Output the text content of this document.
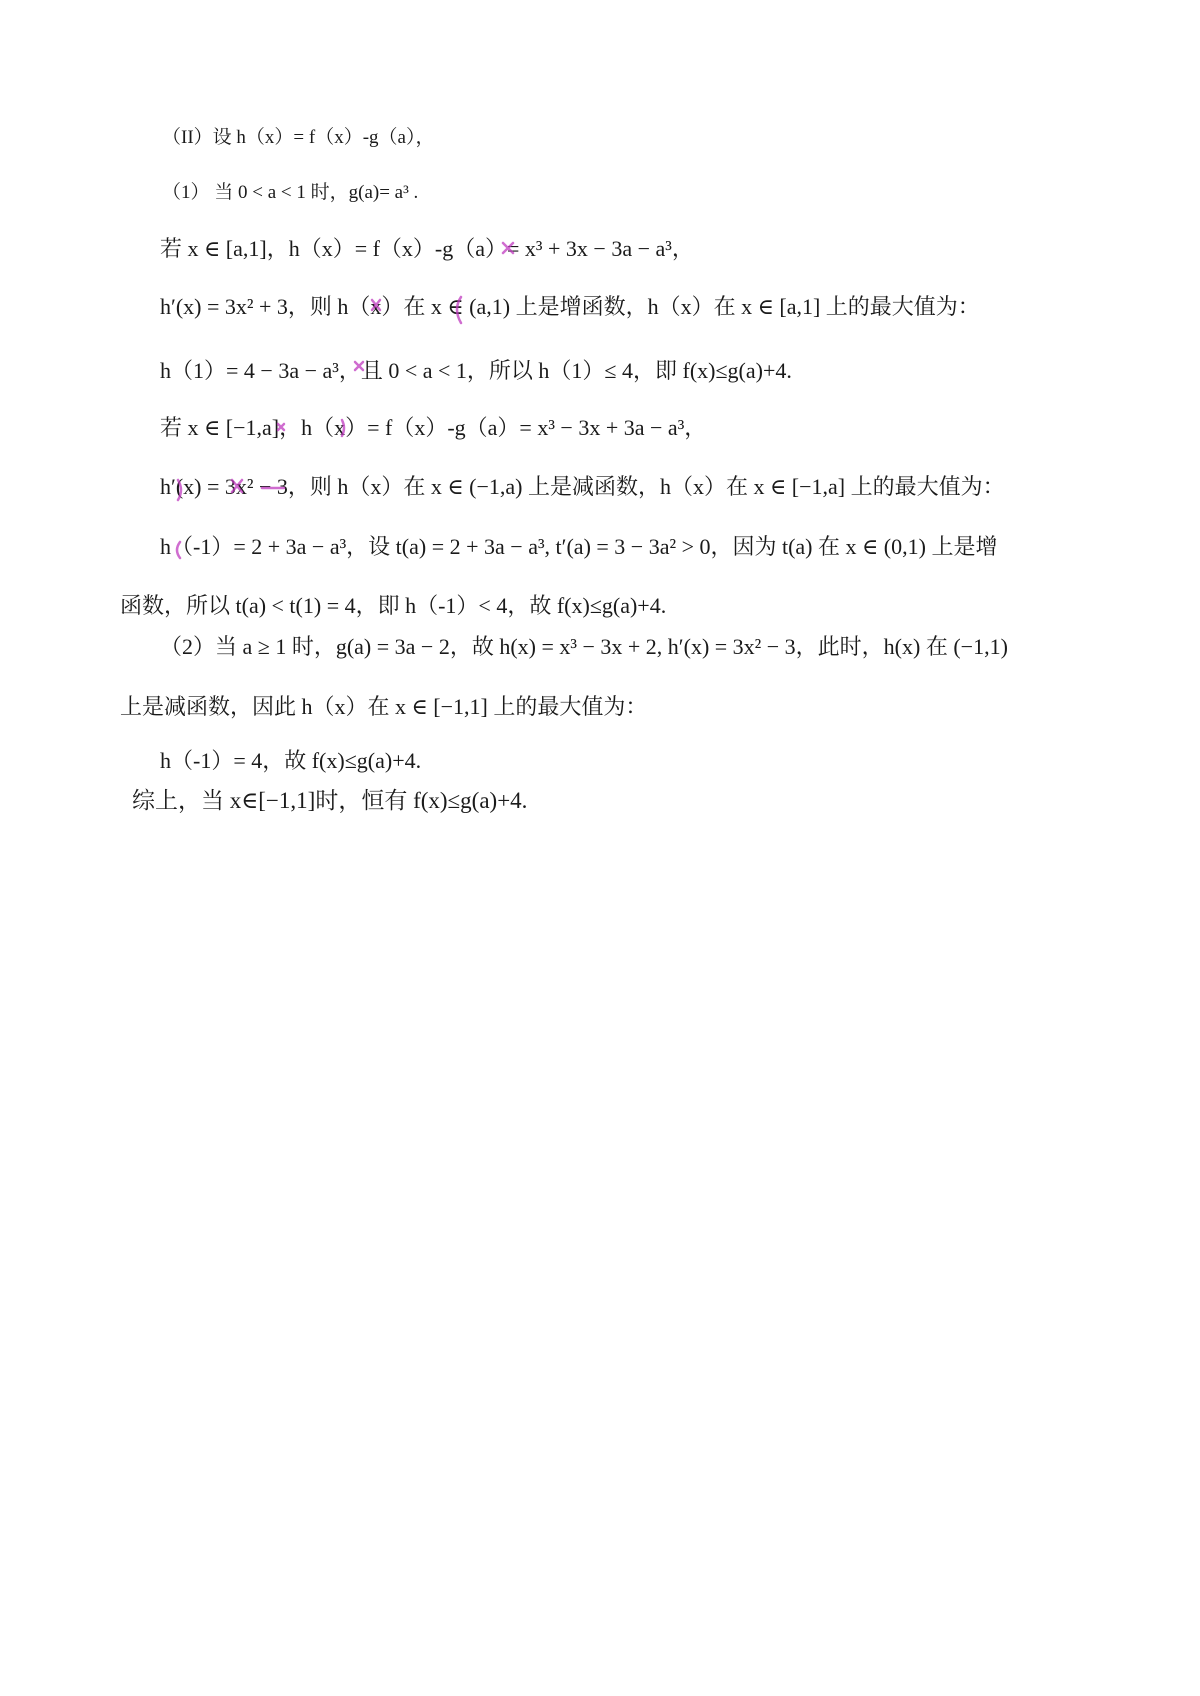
（II）设 h（x）= f（x）-g（a），
（1） 当 0 < a < 1 时，g(a)= a³ .
若 x ∈ [a,1]，h（x）= f（x）-g（a）= x³ + 3x − 3a − a³，
h′(x) = 3x² + 3，则 h（x）在 x ∈ (a,1) 上是增函数，h（x）在 x ∈ [a,1] 上的最大值为：
h（1）= 4 − 3a − a³，且 0 < a < 1，所以 h（1）≤ 4，即 f(x)≤g(a)+4.
若 x ∈ [−1,a]，h（x）= f（x）-g（a）= x³ − 3x + 3a − a³，
h′(x) = 3x² − 3，则 h（x）在 x ∈ (−1,a) 上是减函数，h（x）在 x ∈ [−1,a] 上的最大值为：
h（-1）= 2 + 3a − a³，设 t(a) = 2 + 3a − a³, t′(a) = 3 − 3a² > 0，因为 t(a) 在 x ∈ (0,1) 上是增
函数，所以 t(a) < t(1) = 4，即 h（-1）< 4，故 f(x)≤g(a)+4.
（2）当 a ≥ 1 时，g(a) = 3a − 2，故 h(x) = x³ − 3x + 2, h′(x) = 3x² − 3，此时，h(x) 在 (−1,1)
上是减函数，因此 h（x）在 x ∈ [−1,1] 上的最大值为：
h（-1）= 4，故 f(x)≤g(a)+4.
综上，当 x∈[−1,1]时，恒有 f(x)≤g(a)+4.
